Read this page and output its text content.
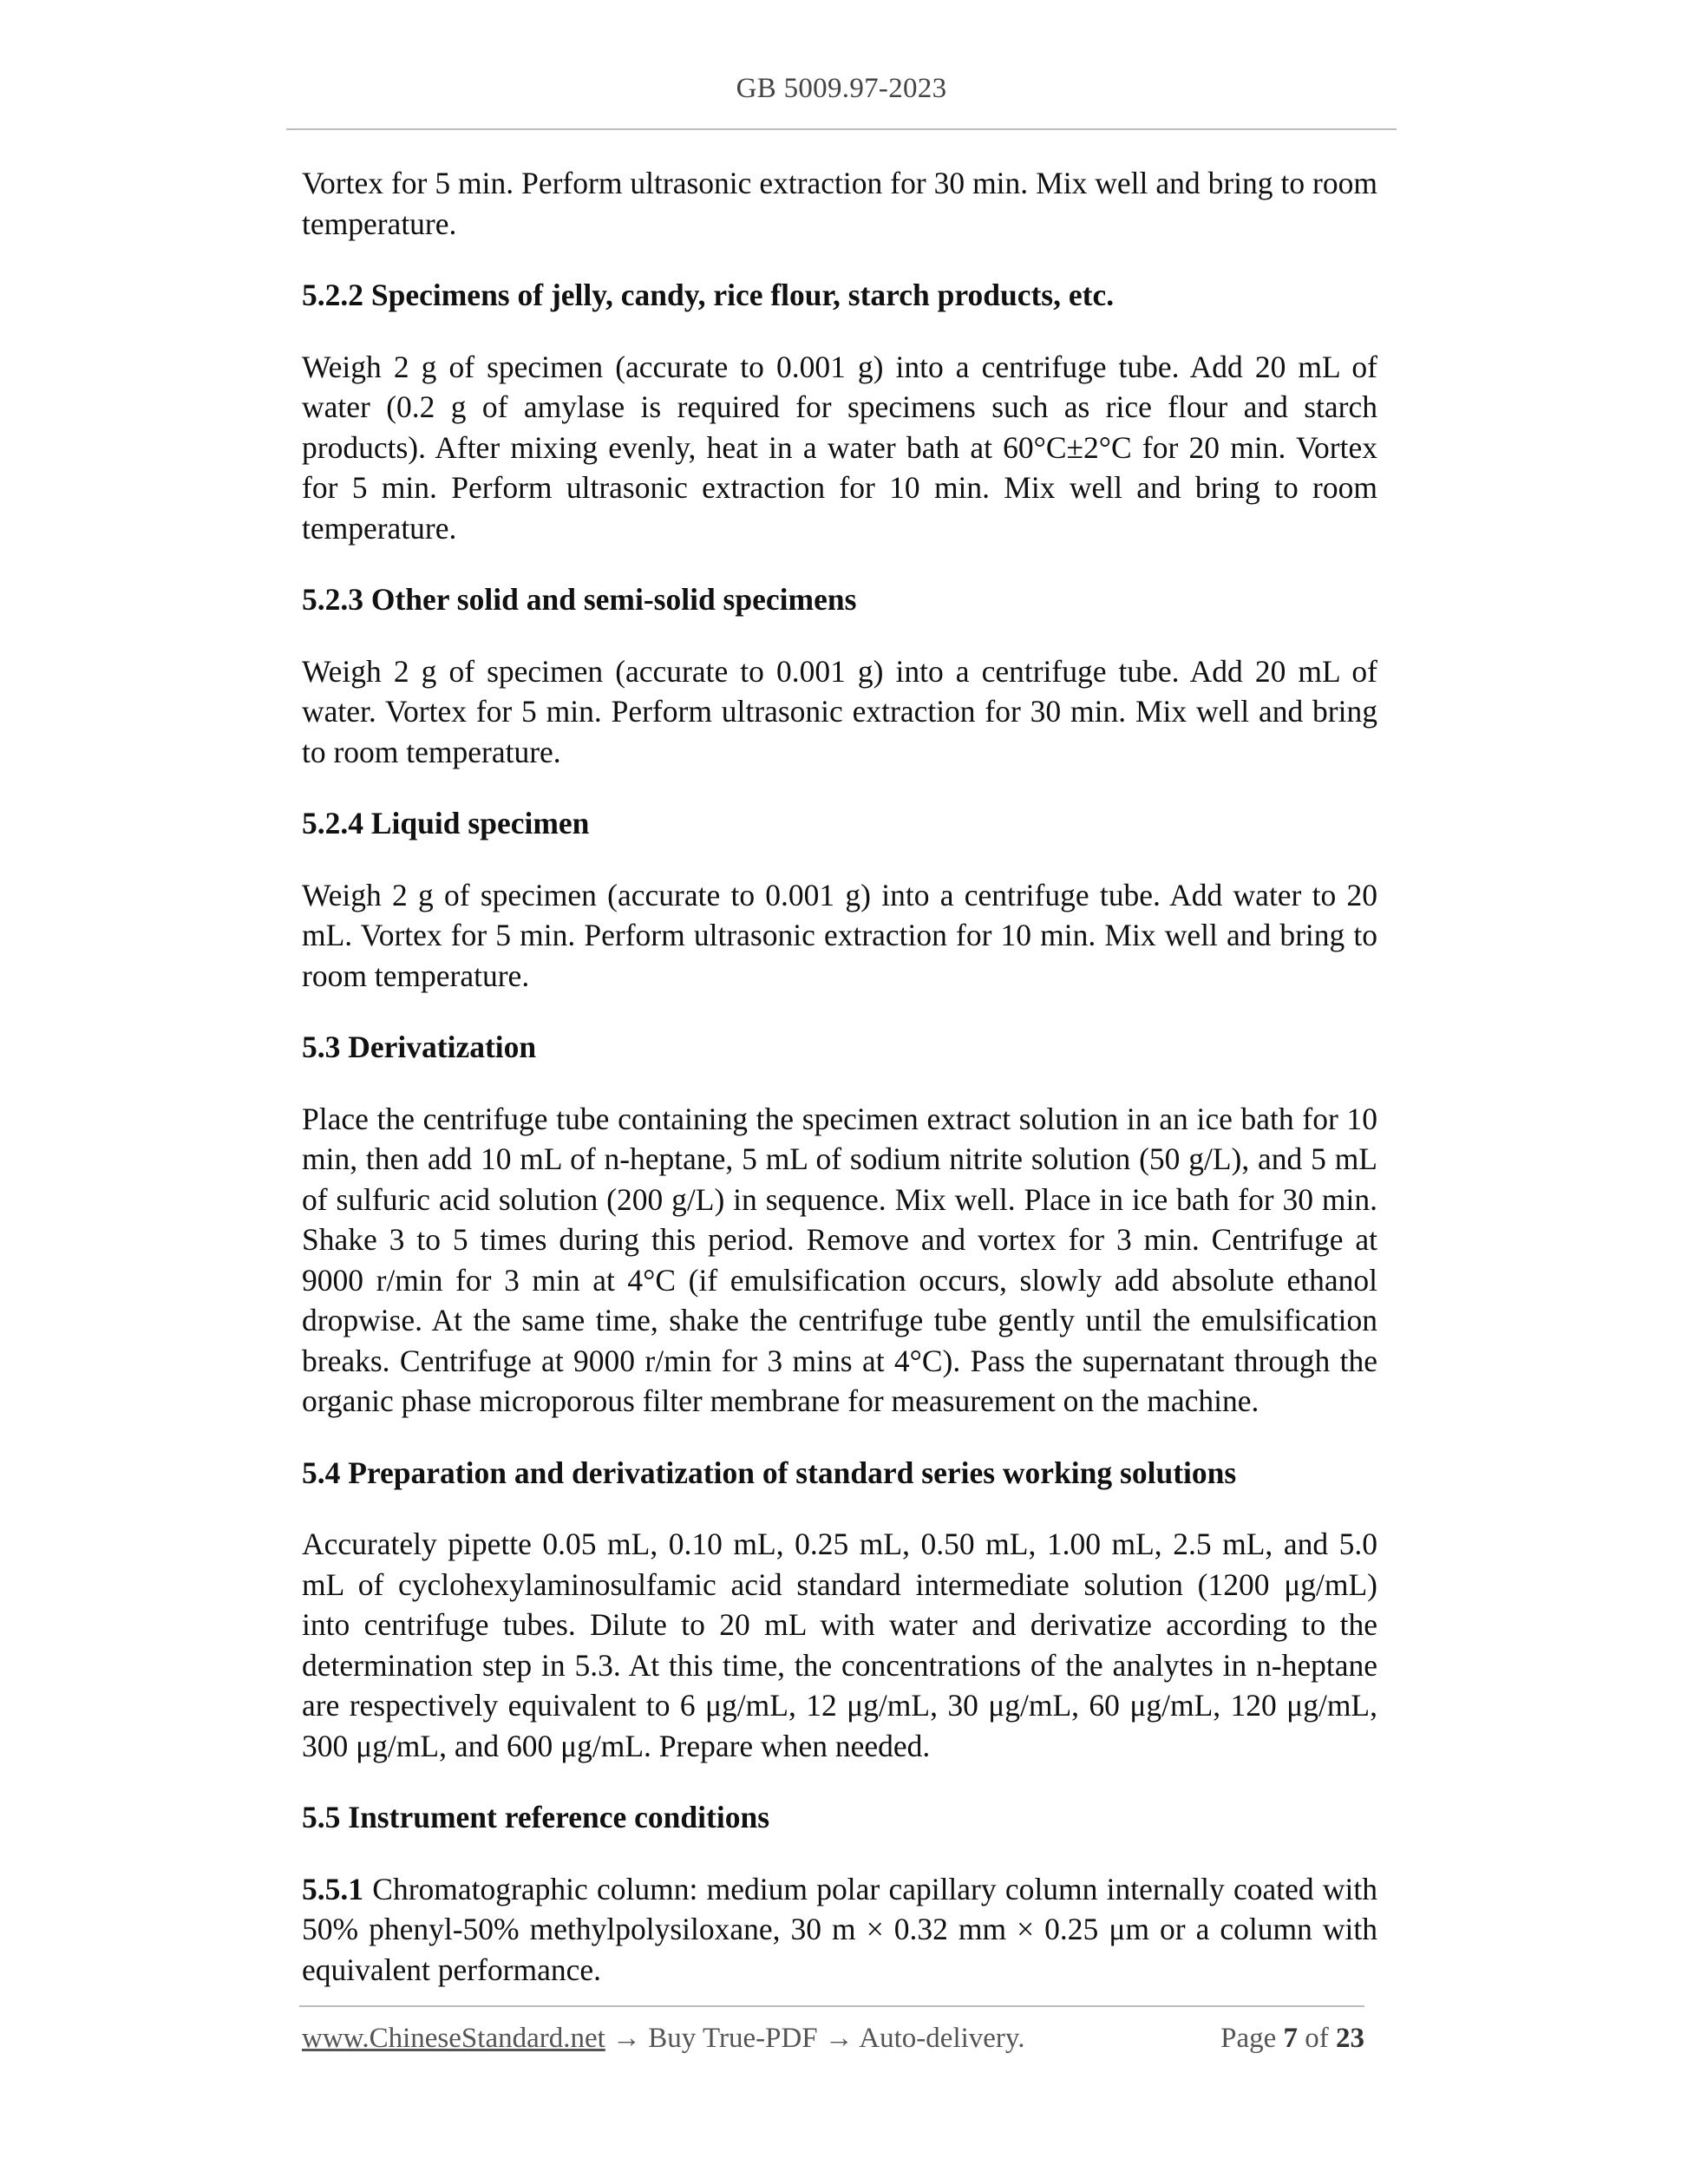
GB 5009.97-2023

Vortex for 5 min. Perform ultrasonic extraction for 30 min. Mix well and bring to room temperature.

5.2.2 Specimens of jelly, candy, rice flour, starch products, etc.

Weigh 2 g of specimen (accurate to 0.001 g) into a centrifuge tube. Add 20 mL of water (0.2 g of amylase is required for specimens such as rice flour and starch products). After mixing evenly, heat in a water bath at 60°C±2°C for 20 min. Vortex for 5 min. Perform ultrasonic extraction for 10 min. Mix well and bring to room temperature.

5.2.3 Other solid and semi-solid specimens

Weigh 2 g of specimen (accurate to 0.001 g) into a centrifuge tube. Add 20 mL of water. Vortex for 5 min. Perform ultrasonic extraction for 30 min. Mix well and bring to room temperature.

5.2.4 Liquid specimen

Weigh 2 g of specimen (accurate to 0.001 g) into a centrifuge tube. Add water to 20 mL. Vortex for 5 min. Perform ultrasonic extraction for 10 min. Mix well and bring to room temperature.

5.3 Derivatization

Place the centrifuge tube containing the specimen extract solution in an ice bath for 10 min, then add 10 mL of n-heptane, 5 mL of sodium nitrite solution (50 g/L), and 5 mL of sulfuric acid solution (200 g/L) in sequence. Mix well. Place in ice bath for 30 min. Shake 3 to 5 times during this period. Remove and vortex for 3 min. Centrifuge at 9000 r/min for 3 min at 4°C (if emulsification occurs, slowly add absolute ethanol dropwise. At the same time, shake the centrifuge tube gently until the emulsification breaks. Centrifuge at 9000 r/min for 3 mins at 4°C). Pass the supernatant through the organic phase microporous filter membrane for measurement on the machine.

5.4 Preparation and derivatization of standard series working solutions

Accurately pipette 0.05 mL, 0.10 mL, 0.25 mL, 0.50 mL, 1.00 mL, 2.5 mL, and 5.0 mL of cyclohexylaminosulfamic acid standard intermediate solution (1200 μg/mL) into centrifuge tubes. Dilute to 20 mL with water and derivatize according to the determination step in 5.3. At this time, the concentrations of the analytes in n-heptane are respectively equivalent to 6 μg/mL, 12 μg/mL, 30 μg/mL, 60 μg/mL, 120 μg/mL, 300 μg/mL, and 600 μg/mL. Prepare when needed.

5.5 Instrument reference conditions

5.5.1 Chromatographic column: medium polar capillary column internally coated with 50% phenyl-50% methylpolysiloxane, 30 m × 0.32 mm × 0.25 μm or a column with equivalent performance.

www.ChineseStandard.net → Buy True-PDF → Auto-delivery.	Page 7 of 23
